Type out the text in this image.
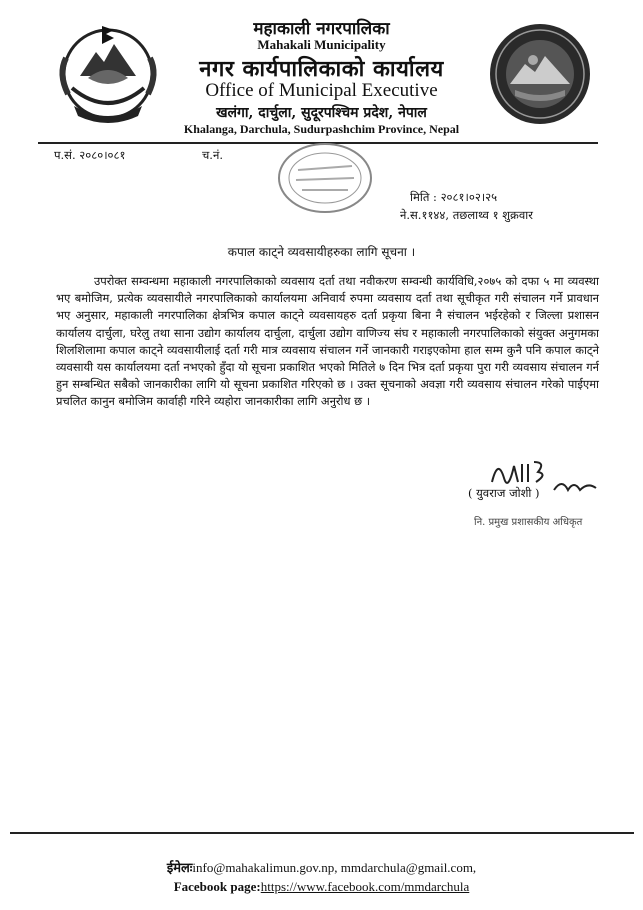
महाकाली नगरपालिका
Mahakali Municipality
नगर कार्यपालिकाको कार्यालय
Office of Municipal Executive
खलंगा, दार्चुला, सुदूरपश्चिम प्रदेश, नेपाल
Khalanga, Darchula, Sudurpashchim Province, Nepal
प.सं. २०८०।०८१	च.नं.
मिति : २०८१।०२।२५
ने.स.११४४, तछलाथ्व १ शुक्रवार
कपाल काट्ने व्यवसायीहरुका लागि सूचना ।
उपरोक्त सम्वन्धमा महाकाली नगरपालिकाको व्यवसाय दर्ता तथा नवीकरण सम्वन्धी कार्यविधि,२०७५ को दफा ५ मा व्यवस्था भए बमोजिम, प्रत्येक व्यवसायीले नगरपालिकाको कार्यालयमा अनिवार्य रुपमा व्यवसाय दर्ता तथा सूचीकृत गरी संचालन गर्ने प्रावधान भए अनुसार, महाकाली नगरपालिका क्षेत्रभित्र कपाल काट्ने व्यवसायहरु दर्ता प्रकृया बिना नै संचालन भईरहेको र जिल्ला प्रशासन कार्यालय दार्चुला, घरेलु तथा साना उद्योग कार्यालय दार्चुला, दार्चुला उद्योग वाणिज्य संघ र महाकाली नगरपालिकाको संयुक्त अनुगमका शिलशिलामा कपाल काट्ने व्यवसायीलाई दर्ता गरी मात्र व्यवसाय संचालन गर्ने जानकारी गराइएकोमा हाल सम्म कुनै पनि कपाल काट्ने व्यवसायी यस कार्यालयमा दर्ता नभएको हुँदा यो सूचना प्रकाशित भएको मितिले ७ दिन भित्र दर्ता प्रकृया पुरा गरी व्यवसाय संचालन गर्न हुन सम्बन्धित सबैको जानकारीका लागि यो सूचना प्रकाशित गरिएको छ । उक्त सूचनाको अवज्ञा गरी व्यवसाय संचालन गरेको पाईएमा प्रचलित कानुन बमोजिम कार्वाही गरिने व्यहोरा जानकारीका लागि अनुरोध छ ।
( युवराज जोशी )
नि. प्रमुख प्रशासकीय अधिकृत
ईमेलःinfo@mahakalimun.gov.np, mmdarchula@gmail.com,
Facebook page:https://www.facebook.com/mmdarchula
